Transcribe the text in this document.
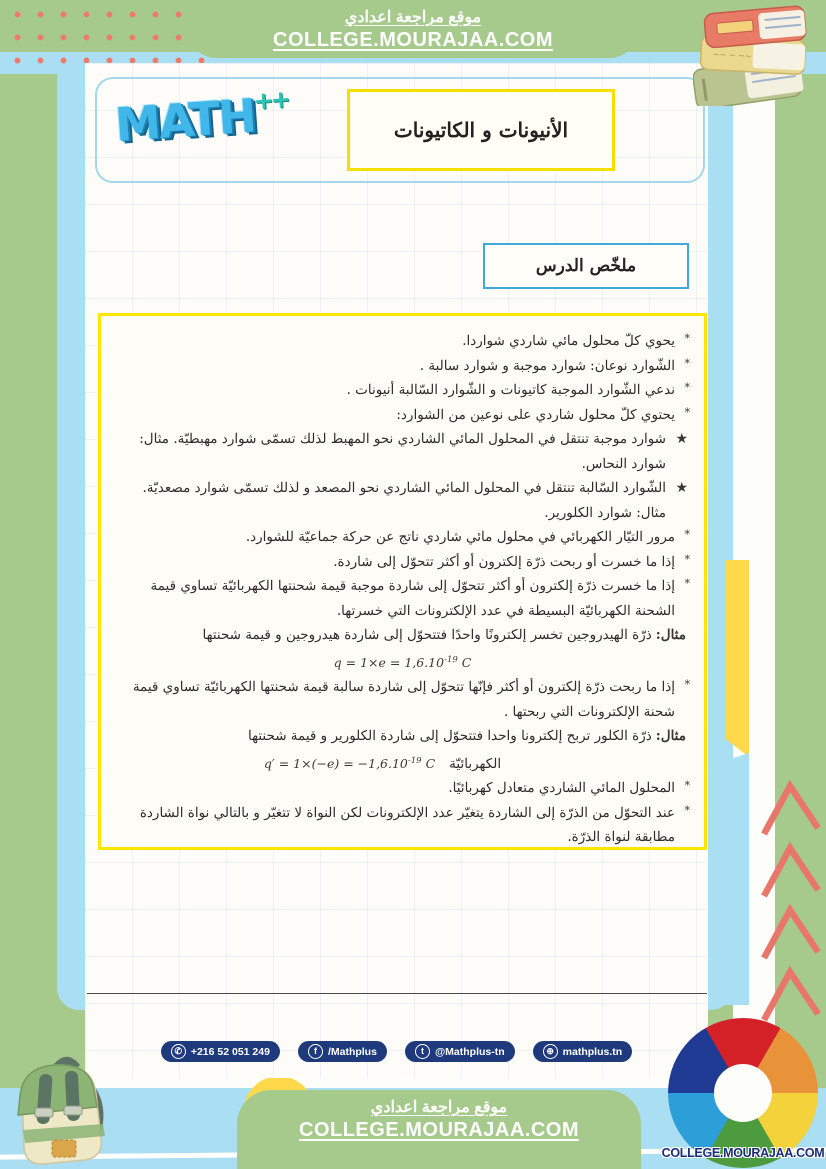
موقع مراجعة اعدادي
COLLEGE.MOURAJAA.COM
~~ ~ ~~
MATH++
الأنيونات و الكاتيونات
ملخّص الدرس
*
يحوي كلّ محلول مائي شاردي شواردا.
*
الشّوارد نوعان: شوارد موجبة و شوارد سالبة .
*
ندعي الشّوارد الموجبة كاتيونات و الشّوارد السّالبة أنيونات .
*
يحتوي كلّ محلول شاردي على نوعين من الشوارد:
★
شوارد موجبة تنتقل في المحلول المائي الشاردي نحو المهبط لذلك تسمّى شوارد مهبطيّة. مثال: شوارد النحاس.
★
الشّوارد السّالبة تنتقل في المحلول المائي الشاردي نحو المصعد و لذلك تسمّى شوارد مصعديّة. مثال: شوارد الكلورير.
*
مرور التيّار الكهربائي في محلول مائي شاردي ناتج عن حركة جماعيّة للشوارد.
*
إذا ما خسرت أو ربحت ذرّة إلكترون أو أكثر تتحوّل إلى شاردة.
*
إذا ما خسرت ذرّة إلكترون أو أكثر تتحوّل إلى شاردة موجبة قيمة شحنتها الكهربائيّة تساوي قيمة الشحنة الكهربائيّة البسيطة في عدد الإلكترونات التي خسرتها.
مثال:ذرّة الهيدروجين تخسر إلكترونًا واحدًا فتتحوّل إلى شاردة هيدروجين و قيمة شحنتها
$q = 1\times e = 1,6.10^{-19}$ C
*
إذا ما ربحت ذرّة إلكترون أو أكثر فإنّها تتحوّل إلى شاردة سالبة قيمة شحنتها الكهربائيّة تساوي قيمة شحنة الإلكترونات التي ربحتها .
مثال:ذرّة الكلور تربح إلكترونا واحدا فتتحوّل إلى شاردة الكلورير و قيمة شحنتها
الكهربائيّةq′ = $1\times(-e) = -1,6.10^{-19}$ C
*
المحلول المائي الشاردي متعادل كهربائيًا.
*
عند التحوّل من الذرّة إلى الشاردة يتغيّر عدد الإلكترونات لكن النواة لا تتغيّر و بالتالي نواة الشاردة مطابقة لنواة الذرّة.
✆ +216 52 051 249	f	/Mathplus	t	@Mathplus-tn	⊕ mathplus.tn
موقع مراجعة اعدادي
COLLEGE.MOURAJAA.COM
COLLEGE.MOURAJAA.COM
